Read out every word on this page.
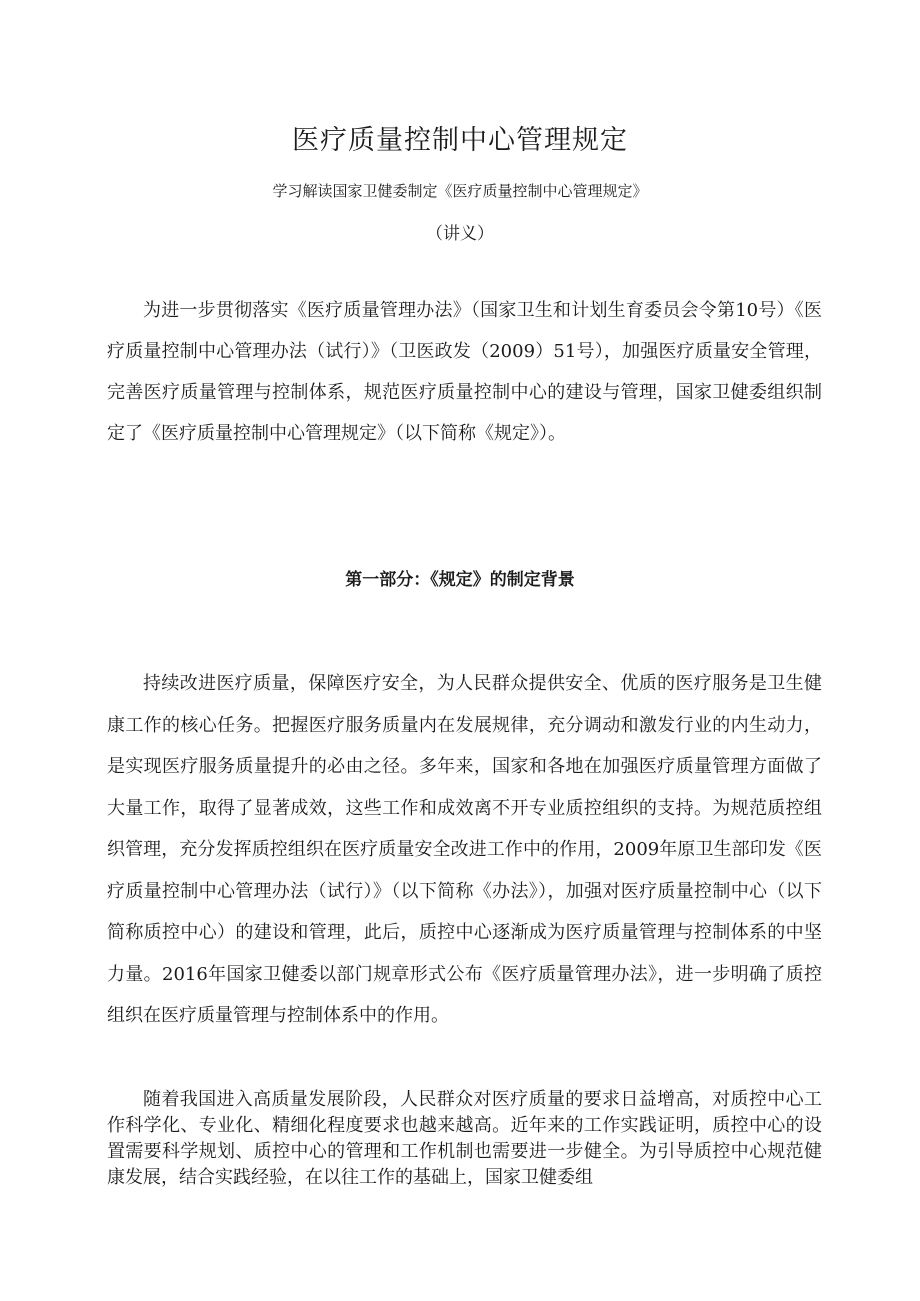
医疗质量控制中心管理规定

学习解读国家卫健委制定《医疗质量控制中心管理规定》

（讲义）

为进一步贯彻落实《医疗质量管理办法》（国家卫生和计划生育委员会令第10号）《医疗质量控制中心管理办法（试行）》（卫医政发（2009）51号），加强医疗质量安全管理，完善医疗质量管理与控制体系，规范医疗质量控制中心的建设与管理，国家卫健委组织制定了《医疗质量控制中心管理规定》（以下简称《规定》）。

第一部分：《规定》的制定背景

持续改进医疗质量，保障医疗安全，为人民群众提供安全、优质的医疗服务是卫生健康工作的核心任务。把握医疗服务质量内在发展规律，充分调动和激发行业的内生动力，是实现医疗服务质量提升的必由之径。多年来，国家和各地在加强医疗质量管理方面做了大量工作，取得了显著成效，这些工作和成效离不开专业质控组织的支持。为规范质控组织管理，充分发挥质控组织在医疗质量安全改进工作中的作用，2009年原卫生部印发《医疗质量控制中心管理办法（试行）》（以下简称《办法》），加强对医疗质量控制中心（以下简称质控中心）的建设和管理，此后，质控中心逐渐成为医疗质量管理与控制体系的中坚力量。2016年国家卫健委以部门规章形式公布《医疗质量管理办法》，进一步明确了质控组织在医疗质量管理与控制体系中的作用。

随着我国进入高质量发展阶段，人民群众对医疗质量的要求日益增高，对质控中心工作科学化、专业化、精细化程度要求也越来越高。近年来的工作实践证明，质控中心的设置需要科学规划、质控中心的管理和工作机制也需要进一步健全。为引导质控中心规范健康发展，结合实践经验，在以往工作的基础上，国家卫健委组
